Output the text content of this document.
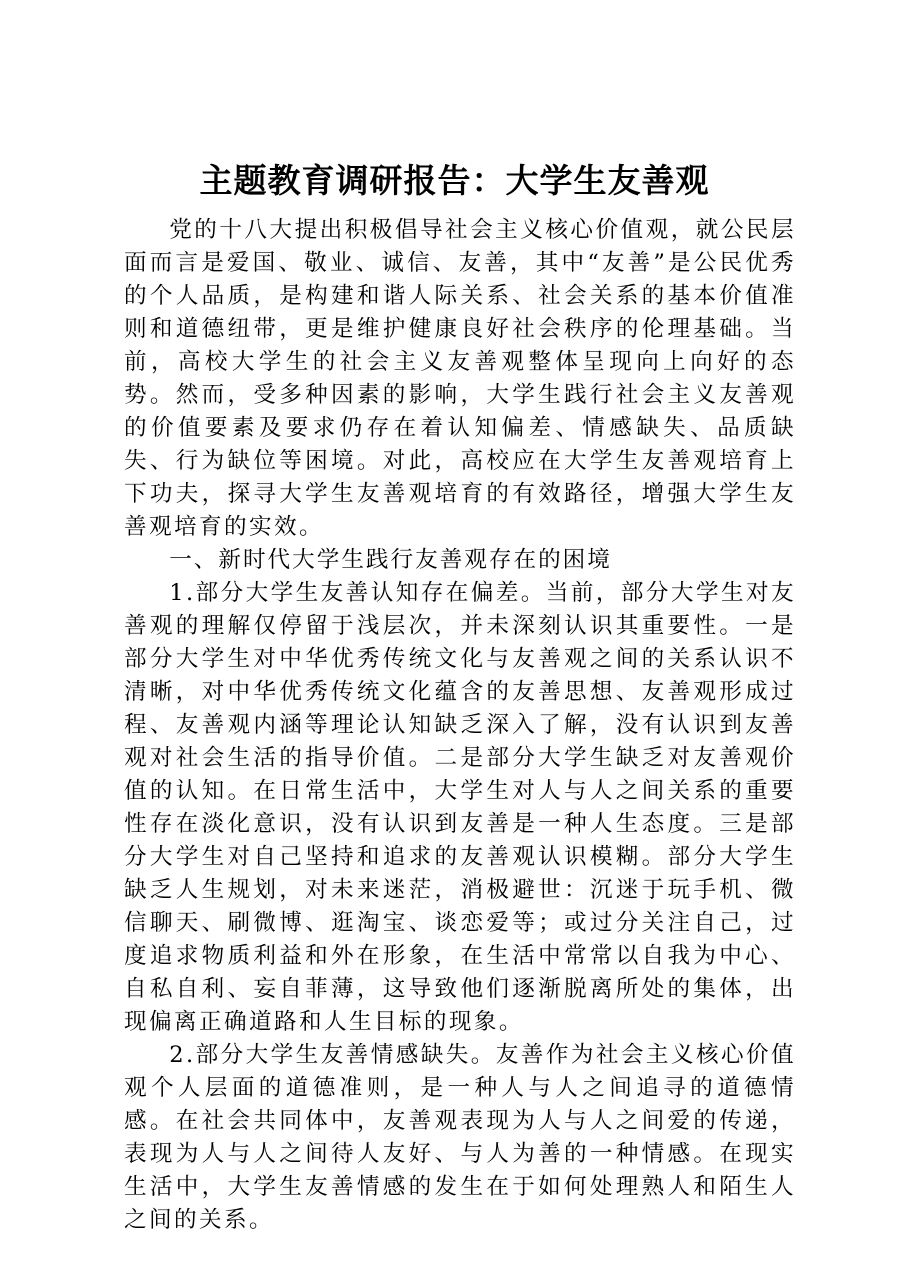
主题教育调研报告：大学生友善观

党的十八大提出积极倡导社会主义核心价值观，就公民层面而言是爱国、敬业、诚信、友善，其中“友善”是公民优秀的个人品质，是构建和谐人际关系、社会关系的基本价值准则和道德纽带，更是维护健康良好社会秩序的伦理基础。当前，高校大学生的社会主义友善观整体呈现向上向好的态势。然而，受多种因素的影响，大学生践行社会主义友善观的价值要素及要求仍存在着认知偏差、情感缺失、品质缺失、行为缺位等困境。对此，高校应在大学生友善观培育上下功夫，探寻大学生友善观培育的有效路径，增强大学生友善观培育的实效。

一、新时代大学生践行友善观存在的困境

1.部分大学生友善认知存在偏差。当前，部分大学生对友善观的理解仅停留于浅层次，并未深刻认识其重要性。一是部分大学生对中华优秀传统文化与友善观之间的关系认识不清晰，对中华优秀传统文化蕴含的友善思想、友善观形成过程、友善观内涵等理论认知缺乏深入了解，没有认识到友善观对社会生活的指导价值。二是部分大学生缺乏对友善观价值的认知。在日常生活中，大学生对人与人之间关系的重要性存在淡化意识，没有认识到友善是一种人生态度。三是部分大学生对自己坚持和追求的友善观认识模糊。部分大学生缺乏人生规划，对未来迷茫，消极避世：沉迷于玩手机、微信聊天、刷微博、逛淘宝、谈恋爱等；或过分关注自己，过度追求物质利益和外在形象，在生活中常常以自我为中心、自私自利、妄自菲薄，这导致他们逐渐脱离所处的集体，出现偏离正确道路和人生目标的现象。

2.部分大学生友善情感缺失。友善作为社会主义核心价值观个人层面的道德准则，是一种人与人之间追寻的道德情感。在社会共同体中，友善观表现为人与人之间爱的传递，表现为人与人之间待人友好、与人为善的一种情感。在现实生活中，大学生友善情感的发生在于如何处理熟人和陌生人之间的关系。
